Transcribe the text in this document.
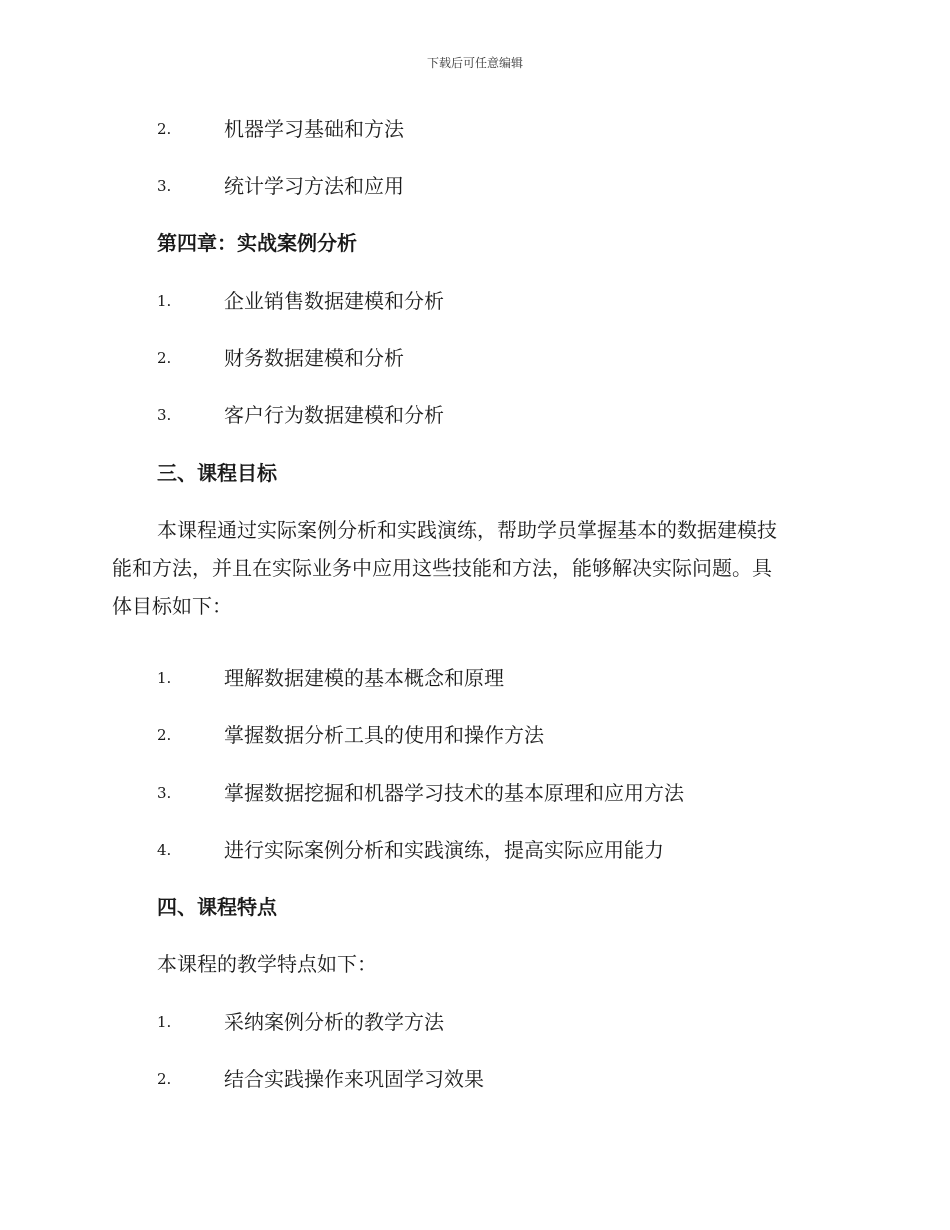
下载后可任意编辑
2.	机器学习基础和方法
3.	统计学习方法和应用
第四章：实战案例分析
1.	企业销售数据建模和分析
2.	财务数据建模和分析
3.	客户行为数据建模和分析
三、课程目标
本课程通过实际案例分析和实践演练，帮助学员掌握基本的数据建模技
能和方法，并且在实际业务中应用这些技能和方法，能够解决实际问题。具
体目标如下：
1.	理解数据建模的基本概念和原理
2.	掌握数据分析工具的使用和操作方法
3.	掌握数据挖掘和机器学习技术的基本原理和应用方法
4.	进行实际案例分析和实践演练，提高实际应用能力
四、课程特点
本课程的教学特点如下：
1.	采纳案例分析的教学方法
2.	结合实践操作来巩固学习效果
